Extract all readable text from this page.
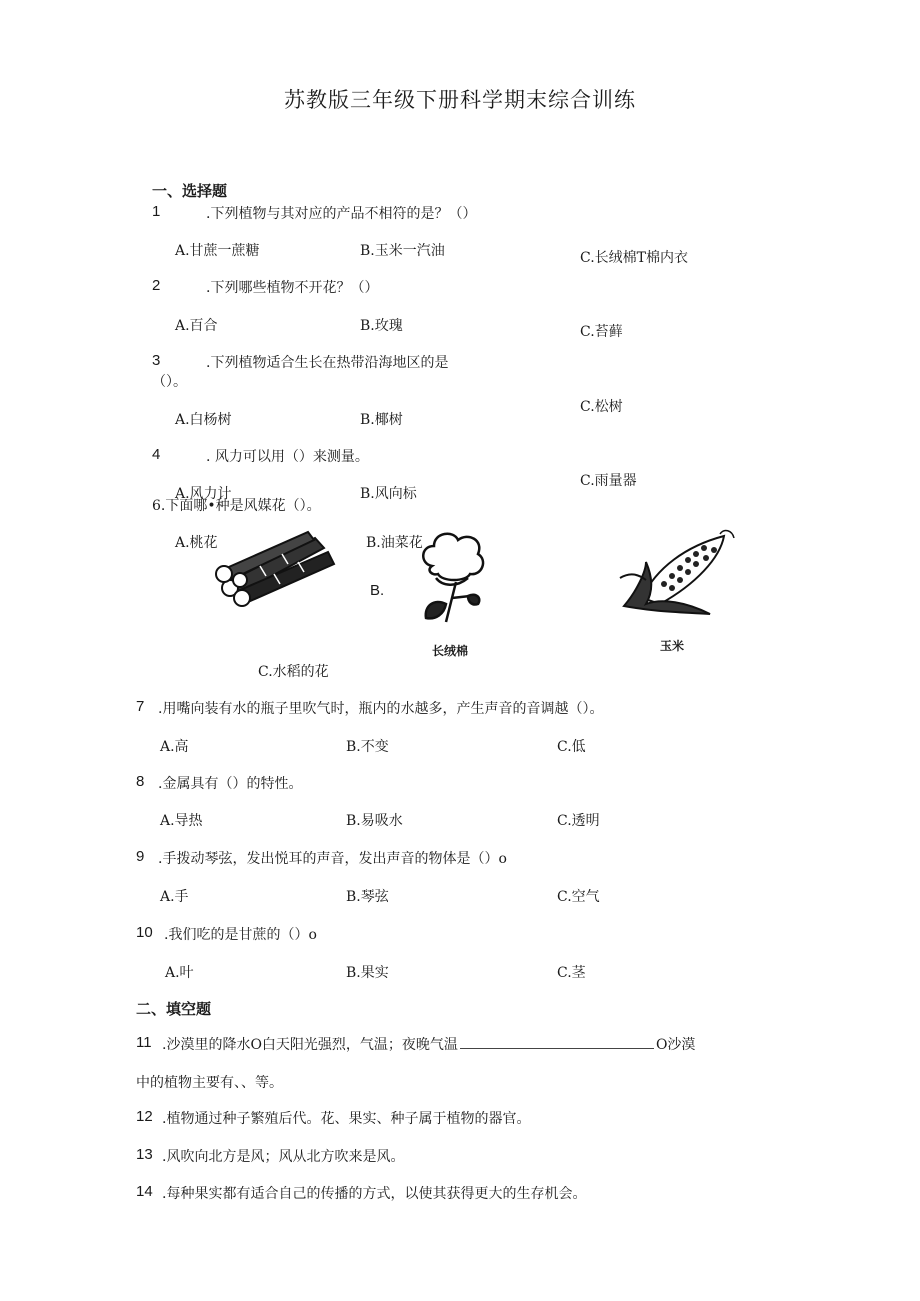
苏教版三年级下册科学期末综合训练
一、选择题
1	.下列植物与其对应的产品不相符的是？（）
A.甘蔗一蔗糖	B.玉米一汽油	C.长绒棉T棉内衣
2	.下列哪些植物不开花？（）
A.百合	B.玫瑰	C.苔藓
3	.下列植物适合生长在热带沿海地区的是
（）。
A.白杨树	B.椰树
C.松树
4	. 风力可以用（）来测量。
A.风力计	B.风向标
C.雨量器
6.下面哪•种是风媒花（）。
A.桃花	B.油菜花
B.
长绒棉	玉米
C.水稻的花
7 .用嘴向装有水的瓶子里吹气时，瓶内的水越多，产生声音的音调越（）。
A.高	B.不变	C.低
8 .金属具有（）的特性。
A.导热	B.易吸水	C.透明
9 .手拨动琴弦，发出悦耳的声音，发出声音的物体是（）o
A.手	B.琴弦	C.空气
10 .我们吃的是甘蔗的（）o
A.叶	B.果实	C.茎
二、填空题
11 .沙漠里的降水O白天阳光强烈，气温；夜晚气温	O沙漠
中的植物主要有、、等。
12 .植物通过种子繁殖后代。花、果实、种子属于植物的器官。
13 .风吹向北方是风；风从北方吹来是风。
14 .每种果实都有适合自己的传播的方式，以使其获得更大的生存机会。
